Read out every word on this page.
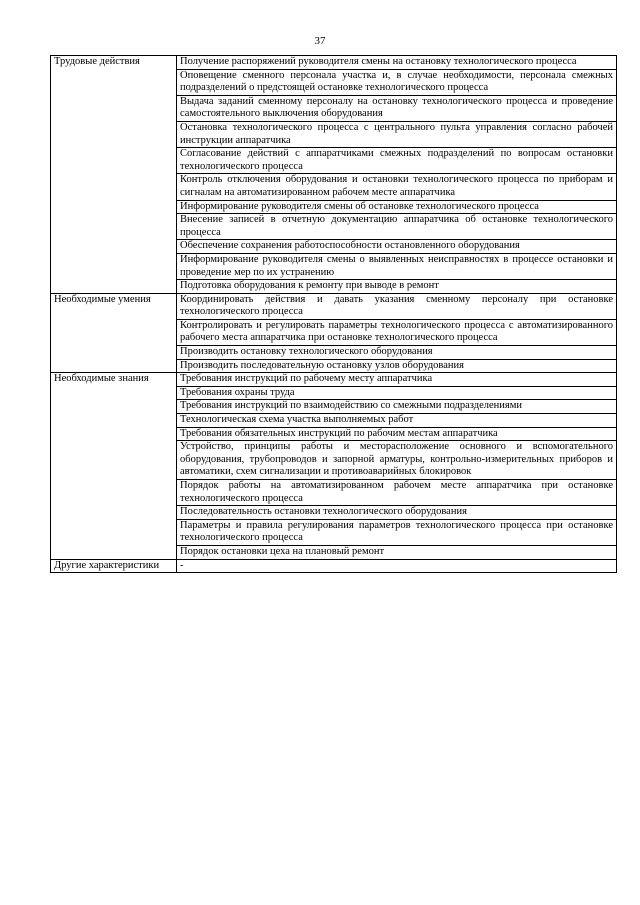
37
Трудовые действия	Получение распоряжений руководителя смены на остановку технологического процесса
	Оповещение сменного персонала участка и, в случае необходимости, персонала смежных подразделений о предстоящей остановке технологического процесса
	Выдача заданий сменному персоналу на остановку технологического процесса и проведение самостоятельного выключения оборудования
	Остановка технологического процесса с центрального пульта управления согласно рабочей инструкции аппаратчика
	Согласование действий с аппаратчиками смежных подразделений по вопросам остановки технологического процесса
	Контроль отключения оборудования и остановки технологического процесса по приборам и сигналам на автоматизированном рабочем месте аппаратчика
	Информирование руководителя смены об остановке технологического процесса
	Внесение записей в отчетную документацию аппаратчика об остановке технологического процесса
	Обеспечение сохранения работоспособности остановленного оборудования
	Информирование руководителя смены о выявленных неисправностях в процессе остановки и проведение мер по их устранению
	Подготовка оборудования к ремонту при выводе в ремонт
Необходимые умения	Координировать действия и давать указания сменному персоналу при остановке технологического процесса
	Контролировать и регулировать параметры технологического процесса с автоматизированного рабочего места аппаратчика при остановке технологического процесса
	Производить остановку технологического оборудования
	Производить последовательную остановку узлов оборудования
Необходимые знания	Требования инструкций по рабочему месту аппаратчика
	Требования охраны труда
	Требования инструкций по взаимодействию со смежными подразделениями
	Технологическая схема участка выполняемых работ
	Требования обязательных инструкций по рабочим местам аппаратчика
	Устройство, принципы работы и месторасположение основного и вспомогательного оборудования, трубопроводов и запорной арматуры, контрольно-измерительных приборов и автоматики, схем сигнализации и противоаварийных блокировок
	Порядок работы на автоматизированном рабочем месте аппаратчика при остановке технологического процесса
	Последовательность остановки технологического оборудования
	Параметры и правила регулирования параметров технологического процесса при остановке технологического процесса
	Порядок остановки цеха на плановый ремонт
Другие характеристики	-
